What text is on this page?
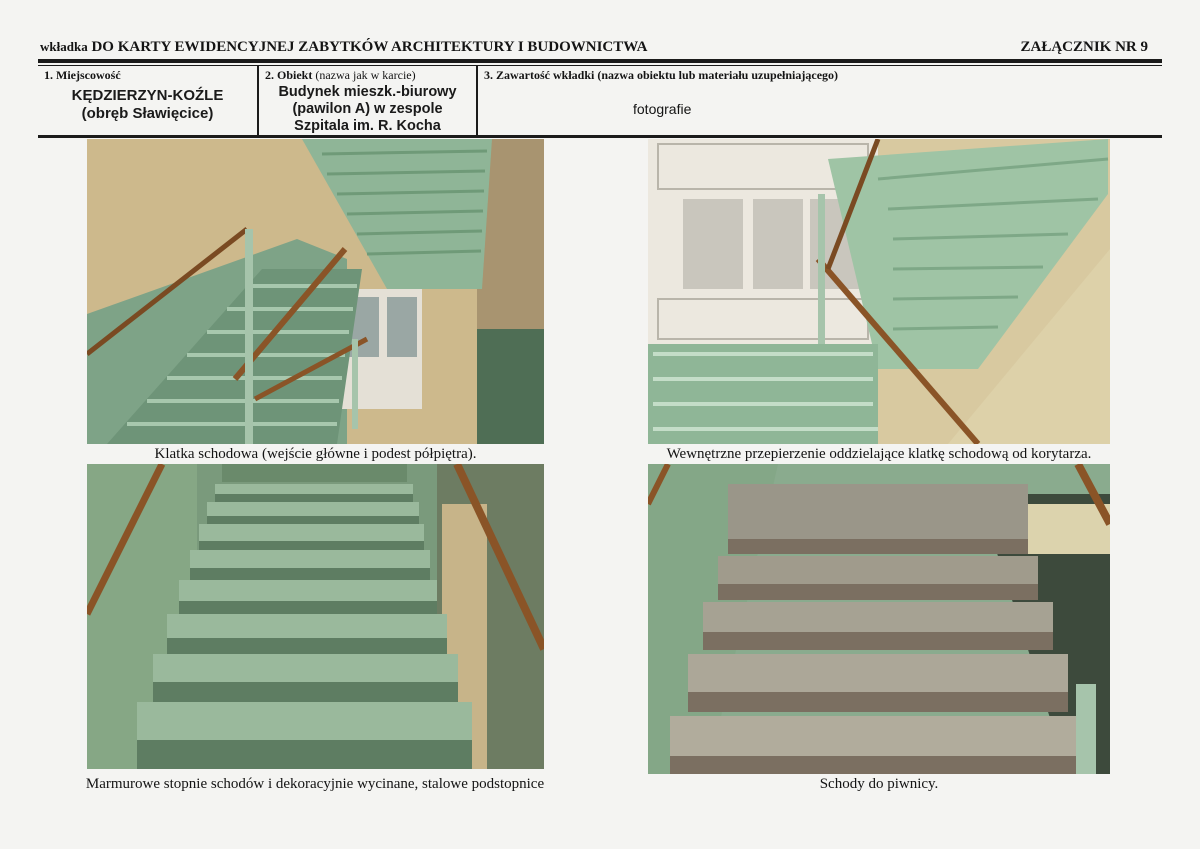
wkładka DO KARTY EWIDENCYJNEJ ZABYTKÓW ARCHITEKTURY I BUDOWNICTWA	ZAŁĄCZNIK NR 9
1. Miejscowość
KĘDZIERZYN-KOŹLE
(obręb Sławięcice)
2. Obiekt (nazwa jak w karcie)
Budynek mieszk.-biurowy
(pawilon A) w zespole
Szpitala im. R. Kocha
3. Zawartość wkładki (nazwa obiektu lub materiału uzupełniającego)
fotografie
Klatka schodowa (wejście główne i podest półpiętra).	Wewnętrzne przepierzenie oddzielające klatkę schodową od korytarza.
Marmurowe stopnie schodów i dekoracyjnie wycinane, stalowe podstopnice	Schody do piwnicy.
